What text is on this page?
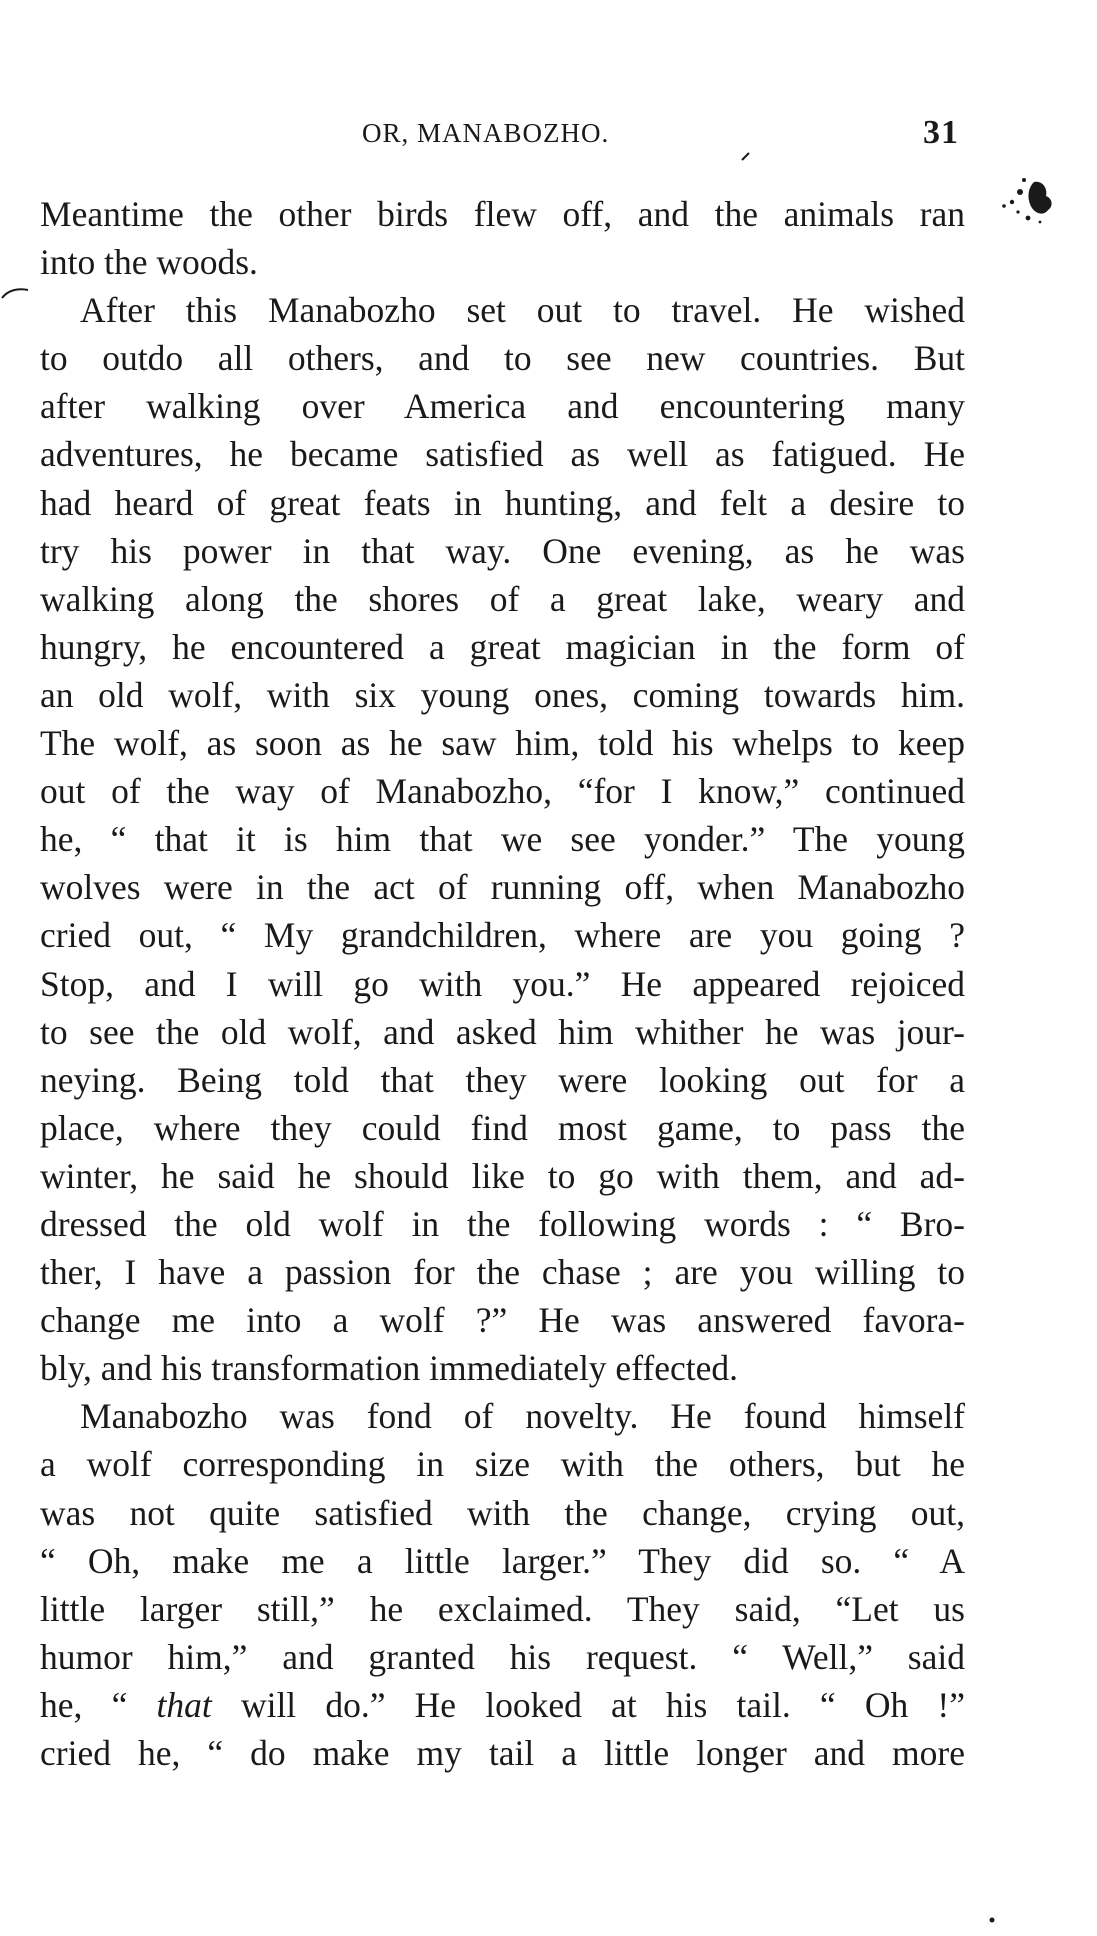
OR, MANABOZHO.	31

Meantime the other birds flew off, and the animals ran
into the woods.

After this Manabozho set out to travel. He wished
to outdo all others, and to see new countries. But
after walking over America and encountering many
adventures, he became satisfied as well as fatigued. He
had heard of great feats in hunting, and felt a desire to
try his power in that way. One evening, as he was
walking along the shores of a great lake, weary and
hungry, he encountered a great magician in the form of
an old wolf, with six young ones, coming towards him.
The wolf, as soon as he saw him, told his whelps to keep
out of the way of Manabozho, “for I know,” continued
he, “ that it is him that we see yonder.” The young
wolves were in the act of running off, when Manabozho
cried out, “ My grandchildren, where are you going ?
Stop, and I will go with you.” He appeared rejoiced
to see the old wolf, and asked him whither he was jour-
neying. Being told that they were looking out for a
place, where they could find most game, to pass the
winter, he said he should like to go with them, and ad-
dressed the old wolf in the following words : “ Bro-
ther, I have a passion for the chase ; are you willing to
change me into a wolf ?” He was answered favora-
bly, and his transformation immediately effected.

Manabozho was fond of novelty. He found himself
a wolf corresponding in size with the others, but he
was not quite satisfied with the change, crying out,
“ Oh, make me a little larger.” They did so. “ A
little larger still,” he exclaimed. They said, “Let us
humor him,” and granted his request. “ Well,” said
he, “ that will do.” He looked at his tail. “ Oh !”
cried he, “ do make my tail a little longer and more
